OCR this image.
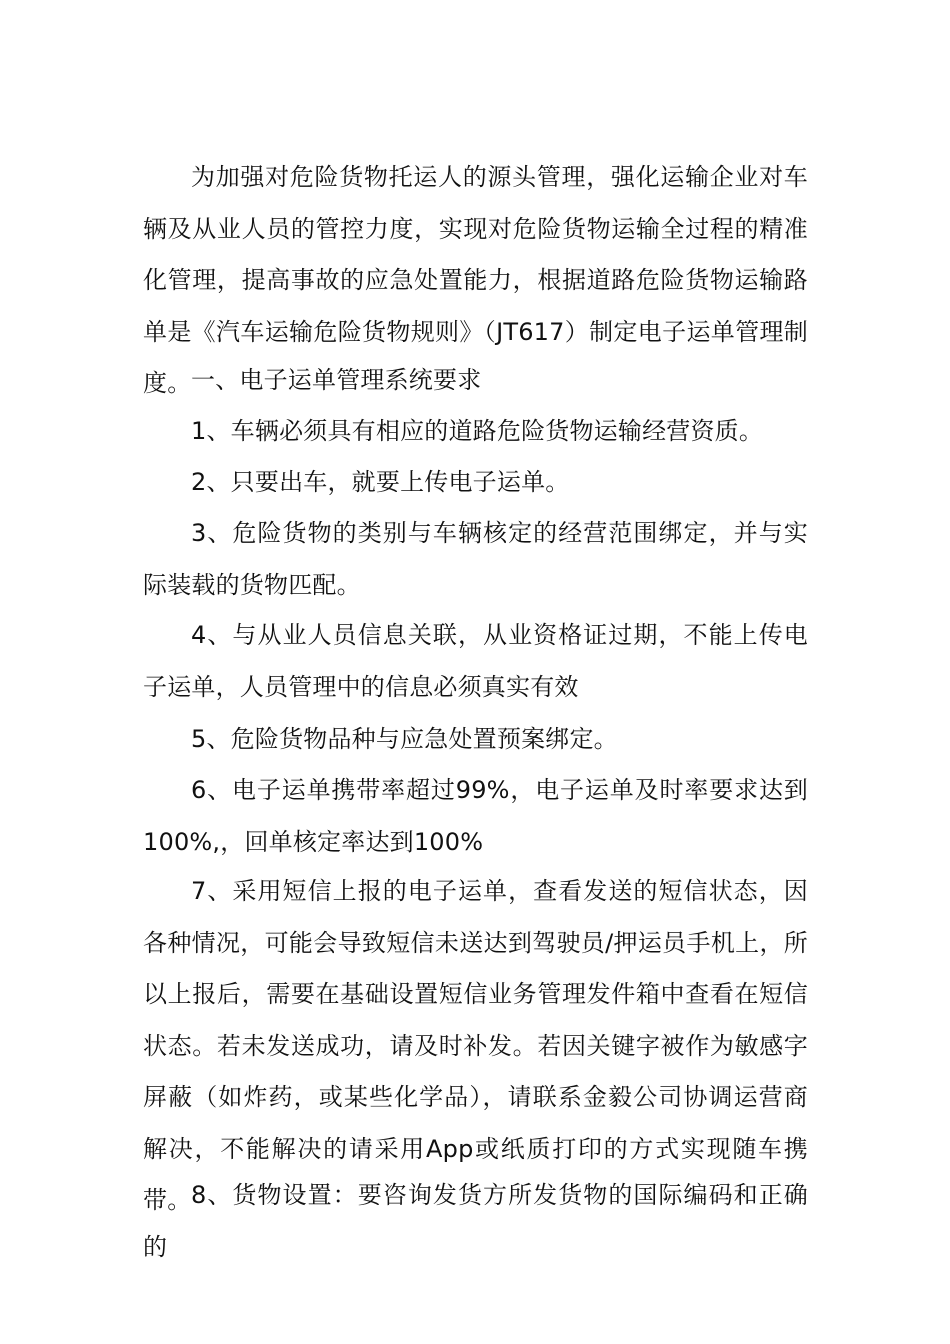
为加强对危险货物托运人的源头管理，强化运输企业对车辆及从业人员的管控力度，实现对危险货物运输全过程的精准化管理，提高事故的应急处置能力，根据道路危险货物运输路单是《汽车运输危险货物规则》（JT617）制定电子运单管理制度。 一、电子运单管理系统要求

1、车辆必须具有相应的道路危险货物运输经营资质。

2、只要出车，就要上传电子运单。

3、危险货物的类别与车辆核定的经营范围绑定，并与实际装载的货物匹配。

4、与从业人员信息关联，从业资格证过期，不能上传电子运单，人员管理中的信息必须真实有效

5、危险货物品种与应急处置预案绑定。

6、电子运单携带率超过99%，电子运单及时率要求达到100%,，回单核定率达到100%

7、采用短信上报的电子运单，查看发送的短信状态，因各种情况，可能会导致短信未送达到驾驶员/押运员手机上，所以上报后，需要在基础设置短信业务管理发件箱中查看在短信状态。若未发送成功，请及时补发。若因关键字被作为敏感字屏蔽（如炸药，或某些化学品），请联系金毅公司协调运营商解决，不能解决的请采用App或纸质打印的方式实现随车携带。 8、货物设置：要咨询发货方所发货物的国际编码和正确的
